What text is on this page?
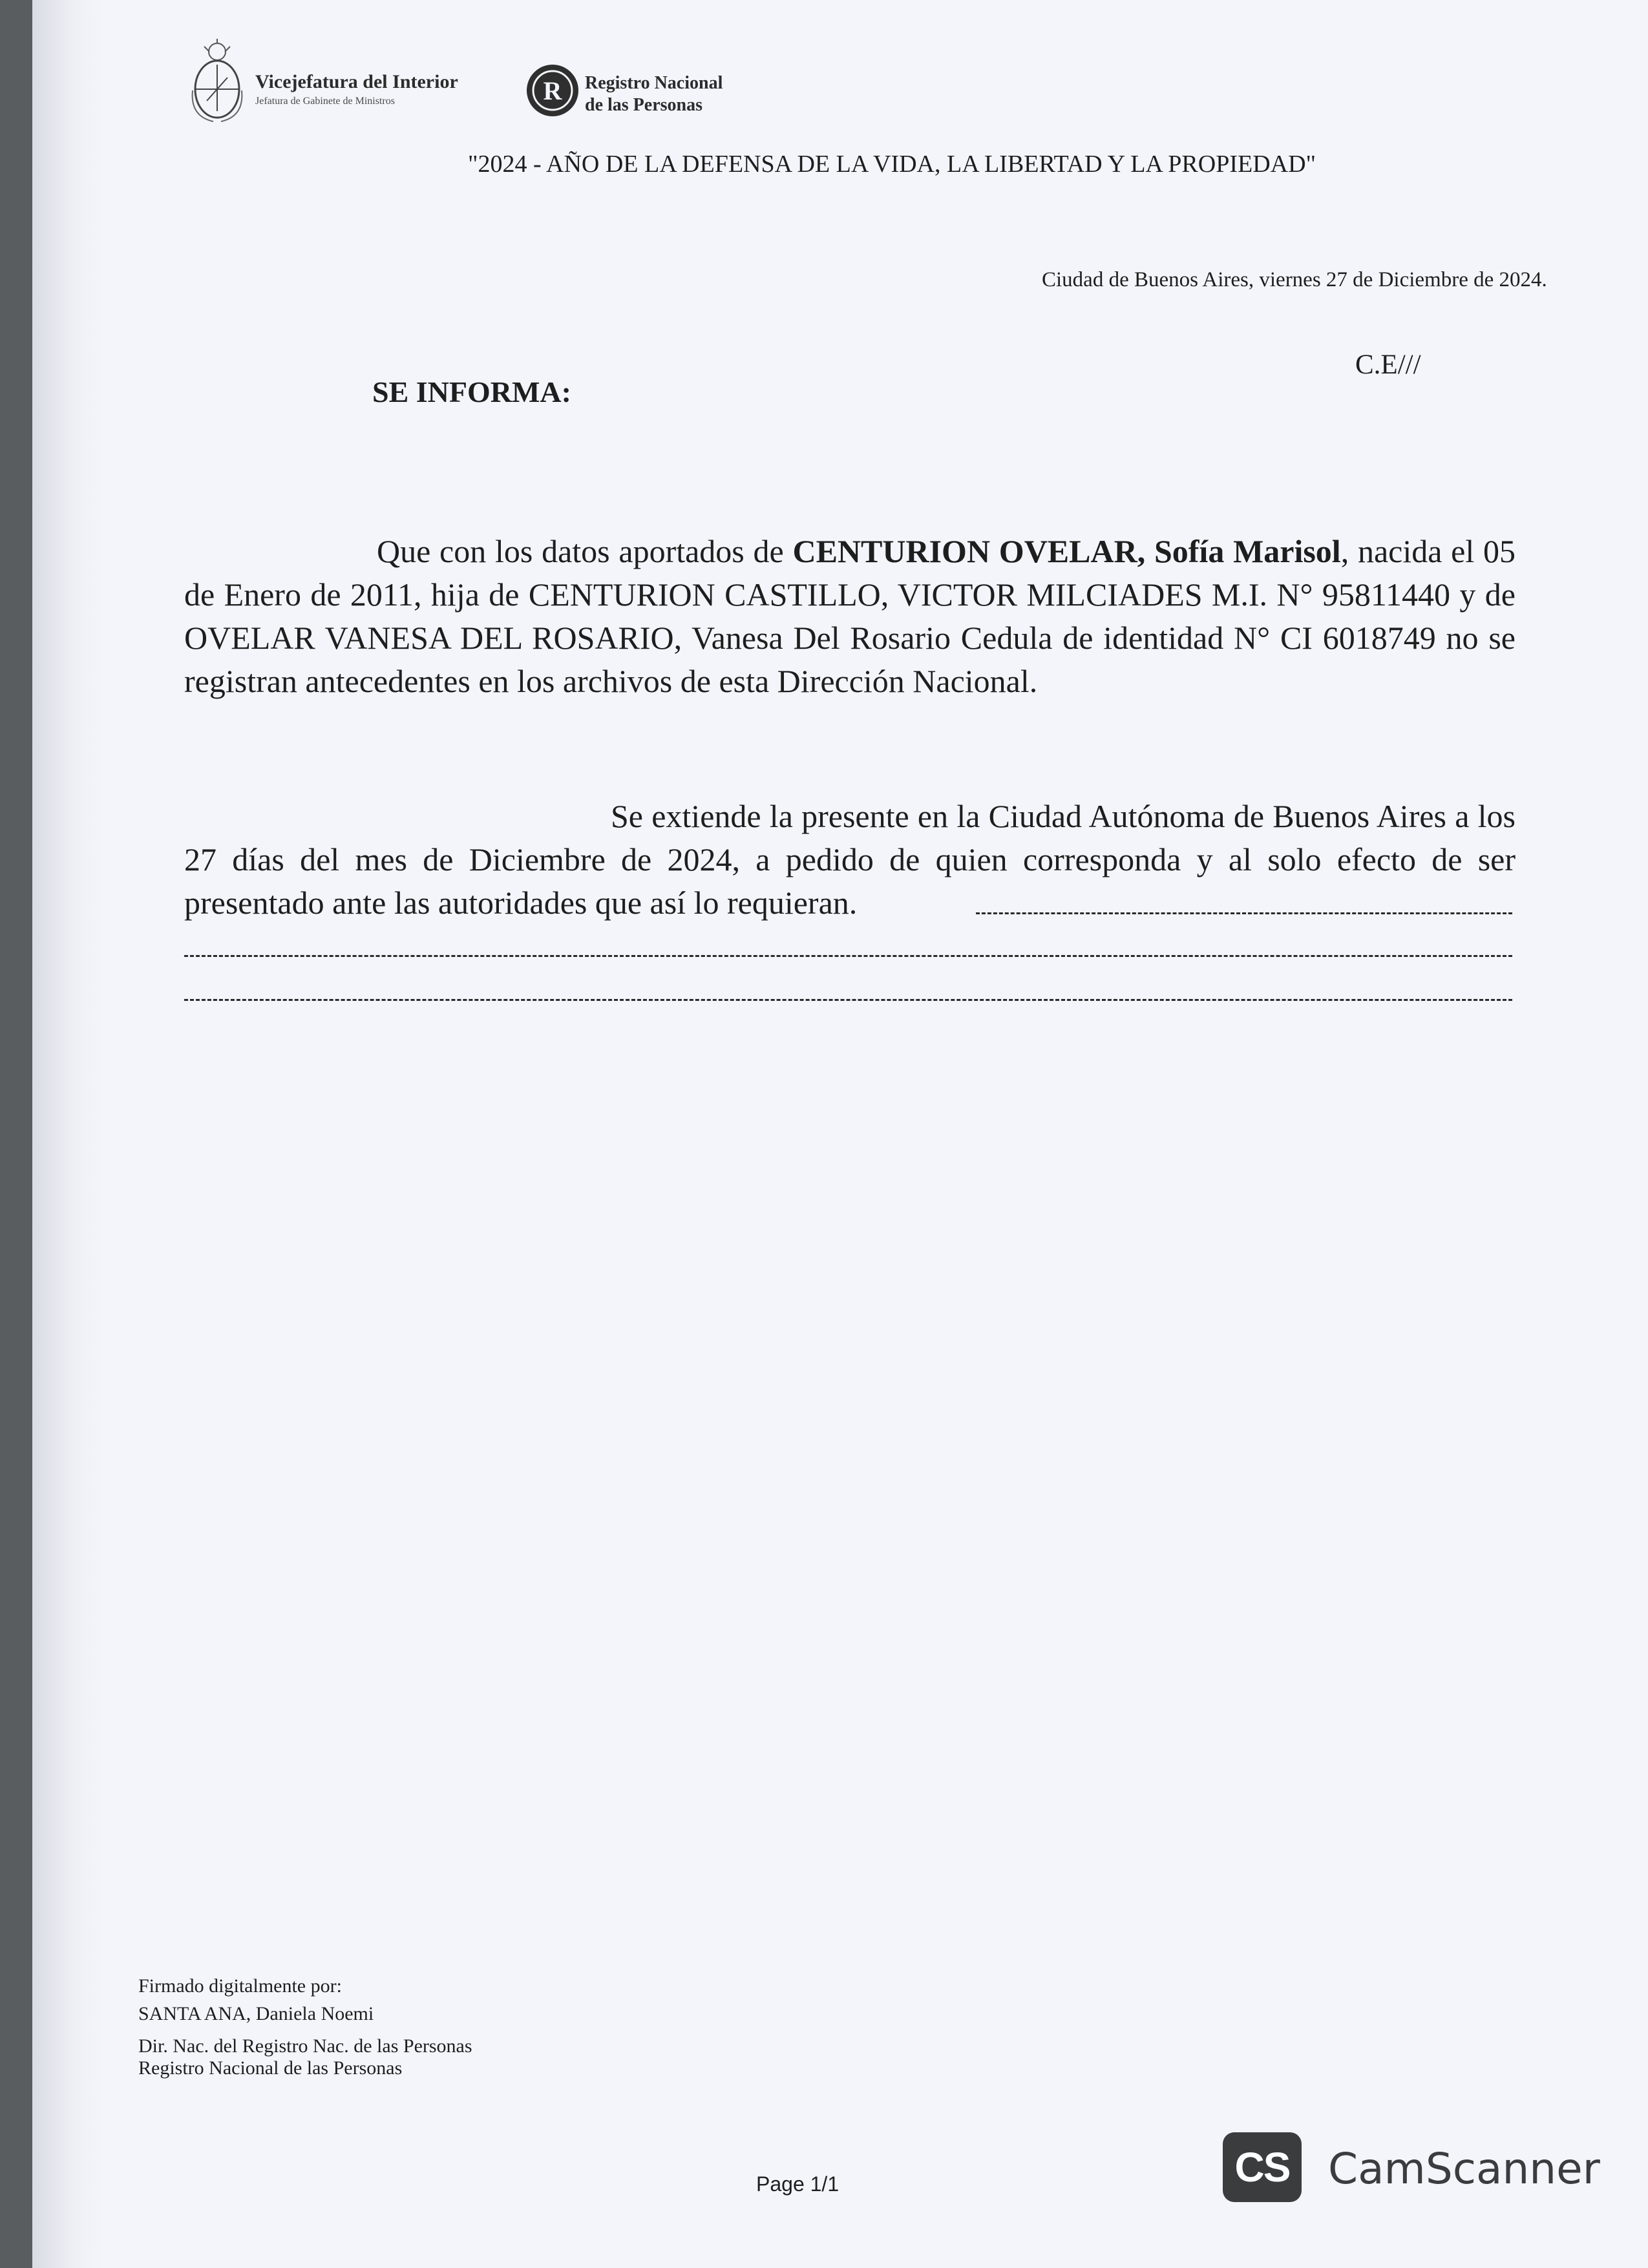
Vicejefatura del Interior
Jefatura de Gabinete de Ministros	R Registro Nacional
de las Personas
"2024 - AÑO DE LA DEFENSA DE LA VIDA, LA LIBERTAD Y LA PROPIEDAD"
Ciudad de Buenos Aires, viernes 27 de Diciembre de 2024.
C.E///
SE INFORMA:
Que con los datos aportados de CENTURION OVELAR, Sofía Marisol, nacida el 05 de Enero de 2011, hija de CENTURION CASTILLO, VICTOR MILCIADES M.I. N° 95811440 y de OVELAR VANESA DEL ROSARIO, Vanesa Del Rosario Cedula de identidad N° CI 6018749 no se registran antecedentes en los archivos de esta Dirección Nacional.
Se extiende la presente en la Ciudad Autónoma de Buenos Aires a los 27 días del mes de Diciembre de 2024, a pedido de quien corresponda y al solo efecto de ser presentado ante las autoridades que así lo requieran.
Firmado digitalmente por:
SANTA ANA, Daniela Noemi
Dir. Nac. del Registro Nac. de las Personas
Registro Nacional de las Personas
Page 1/1	CS CamScanner
